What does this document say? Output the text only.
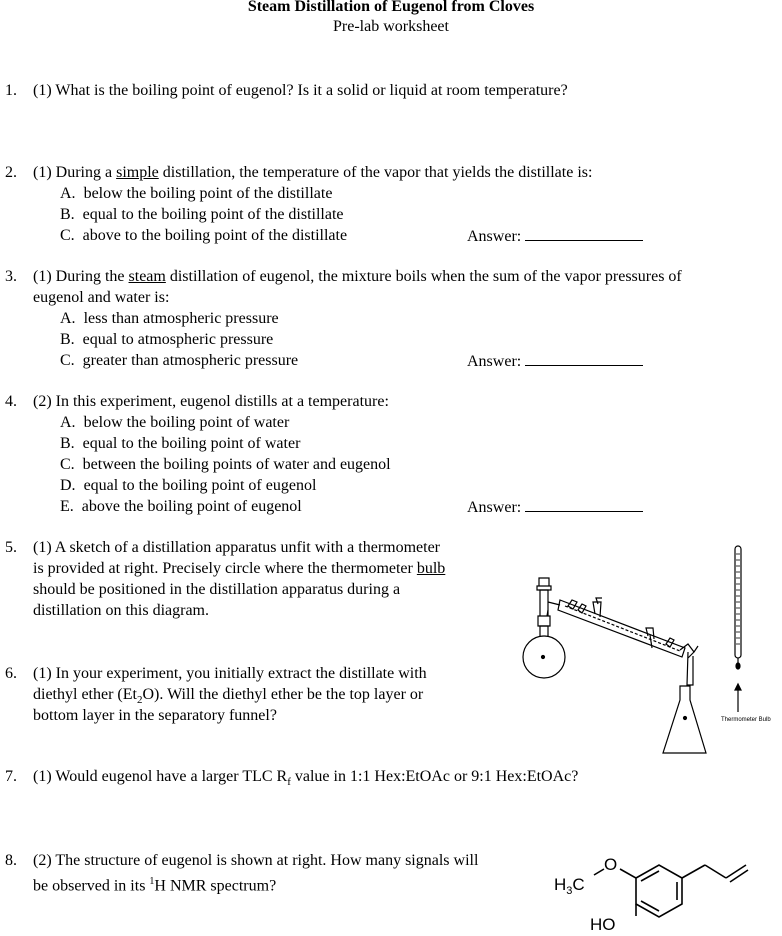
Steam Distillation of Eugenol from Cloves
Pre-lab worksheet
1.	(1) What is the boiling point of eugenol? Is it a solid or liquid at room temperature?
2.	(1) During a simple distillation, the temperature of the vapor that yields the distillate is:
A. below the boiling point of the distillate
B. equal to the boiling point of the distillate
C. above to the boiling point of the distillate	Answer:
3.	(1) During the steam distillation of eugenol, the mixture boils when the sum of the vapor pressures of
eugenol and water is:
A. less than atmospheric pressure
B. equal to atmospheric pressure
C. greater than atmospheric pressure	Answer:
4.	(2) In this experiment, eugenol distills at a temperature:
A. below the boiling point of water
B. equal to the boiling point of water
C. between the boiling points of water and eugenol
D. equal to the boiling point of eugenol
E. above the boiling point of eugenol	Answer:
5.	(1) A sketch of a distillation apparatus unfit with a thermometer
is provided at right. Precisely circle where the thermometer bulb
should be positioned in the distillation apparatus during a
distillation on this diagram.
6.	(1) In your experiment, you initially extract the distillate with
diethyl ether $(Et_2O)$. Will the diethyl ether be the top layer or
bottom layer in the separatory funnel?
7.	(1) Would eugenol have a larger TLC $R_f$ value in 1:1 Hex:EtOAc or 9:1 Hex:EtOAc?
8.	(2) The structure of eugenol is shown at right. How many signals will
be observed in its $^1$H NMR spectrum?
Thermometer Bulb
$H_3C$
O
HO
